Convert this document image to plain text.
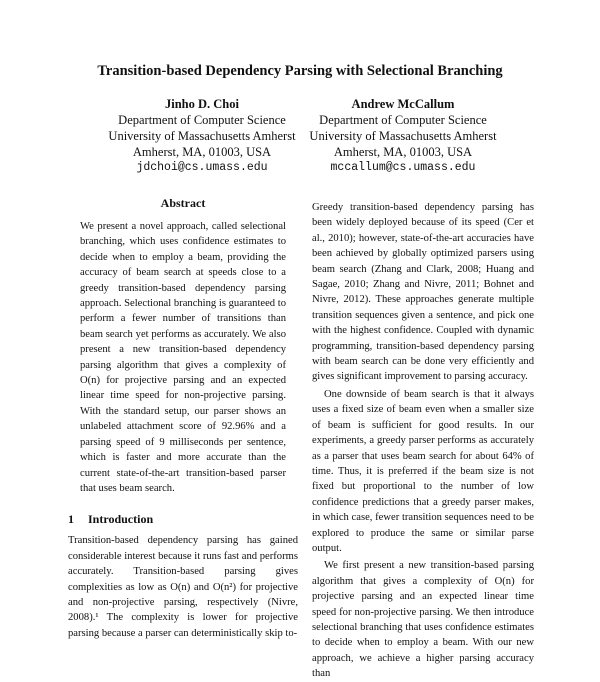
Transition-based Dependency Parsing with Selectional Branching
Jinho D. Choi
Department of Computer Science
University of Massachusetts Amherst
Amherst, MA, 01003, USA
jdchoi@cs.umass.edu
Andrew McCallum
Department of Computer Science
University of Massachusetts Amherst
Amherst, MA, 01003, USA
mccallum@cs.umass.edu
Abstract

We present a novel approach, called selectional branching, which uses confidence estimates to decide when to employ a beam, providing the accuracy of beam search at speeds close to a greedy transition-based dependency parsing approach. Selectional branching is guaranteed to perform a fewer number of transitions than beam search yet performs as accurately. We also present a new transition-based dependency parsing algorithm that gives a complexity of O(n) for projective parsing and an expected linear time speed for non-projective parsing. With the standard setup, our parser shows an unlabeled attachment score of 92.96% and a parsing speed of 9 milliseconds per sentence, which is faster and more accurate than the current state-of-the-art transition-based parser that uses beam search.

1 Introduction

Transition-based dependency parsing has gained considerable interest because it runs fast and performs accurately. Transition-based parsing gives complexities as low as O(n) and O(n²) for projective and non-projective parsing, respectively (Nivre, 2008).¹ The complexity is lower for projective parsing because a parser can deterministically skip to-

Greedy transition-based dependency parsing has been widely deployed because of its speed (Cer et al., 2010); however, state-of-the-art accuracies have been achieved by globally optimized parsers using beam search (Zhang and Clark, 2008; Huang and Sagae, 2010; Zhang and Nivre, 2011; Bohnet and Nivre, 2012). These approaches generate multiple transition sequences given a sentence, and pick one with the highest confidence. Coupled with dynamic programming, transition-based dependency parsing with beam search can be done very efficiently and gives significant improvement to parsing accuracy.

One downside of beam search is that it always uses a fixed size of beam even when a smaller size of beam is sufficient for good results. In our experiments, a greedy parser performs as accurately as a parser that uses beam search for about 64% of time. Thus, it is preferred if the beam size is not fixed but proportional to the number of low confidence predictions that a greedy parser makes, in which case, fewer transition sequences need to be explored to produce the same or similar parse output.

We first present a new transition-based parsing algorithm that gives a complexity of O(n) for projective parsing and an expected linear time speed for non-projective parsing. We then introduce selectional branching that uses confidence estimates to decide when to employ a beam. With our new approach, we achieve a higher parsing accuracy than
